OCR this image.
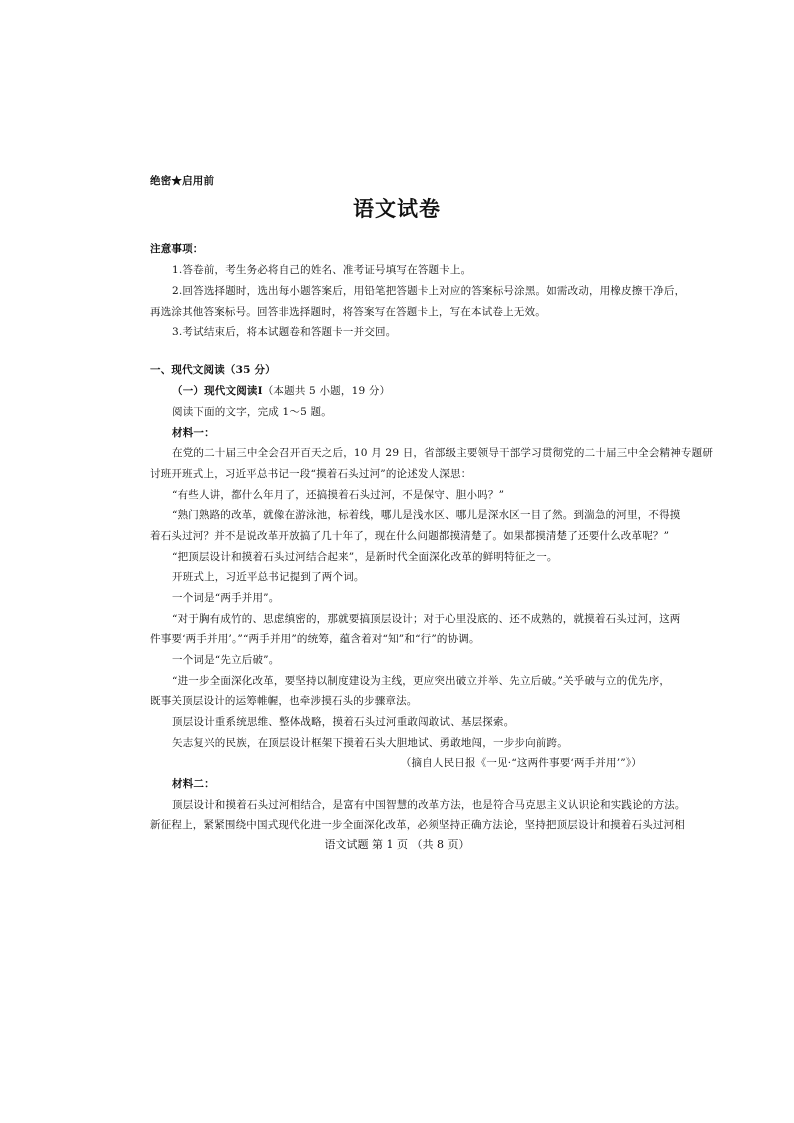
绝密★启用前
语文试卷
注意事项：
1.答卷前，考生务必将自己的姓名、准考证号填写在答题卡上。
2.回答选择题时，选出每小题答案后，用铅笔把答题卡上对应的答案标号涂黑。如需改动，用橡皮擦干净后，
再选涂其他答案标号。回答非选择题时，将答案写在答题卡上，写在本试卷上无效。
3.考试结束后，将本试题卷和答题卡一并交回。
一、现代文阅读（35 分）
（一）现代文阅读Ⅰ（本题共 5 小题，19 分）
阅读下面的文字，完成 1～5 题。
材料一：
在党的二十届三中全会召开百天之后，10 月 29 日，省部级主要领导干部学习贯彻党的二十届三中全会精神专题研
讨班开班式上，习近平总书记一段“摸着石头过河”的论述发人深思：
“有些人讲，都什么年月了，还搞摸着石头过河，不是保守、胆小吗？”
“熟门熟路的改革，就像在游泳池，标着线，哪儿是浅水区、哪儿是深水区一目了然。到湍急的河里，不得摸
着石头过河？并不是说改革开放搞了几十年了，现在什么问题都摸清楚了。如果都摸清楚了还要什么改革呢？”
“把顶层设计和摸着石头过河结合起来”，是新时代全面深化改革的鲜明特征之一。
开班式上，习近平总书记提到了两个词。
一个词是“两手并用”。
“对于胸有成竹的、思虑缜密的，那就要搞顶层设计；对于心里没底的、还不成熟的，就摸着石头过河，这两
件事要‘两手并用’。”“两手并用”的统筹，蕴含着对“知”和“行”的协调。
一个词是“先立后破”。
“进一步全面深化改革，要坚持以制度建设为主线，更应突出破立并举、先立后破。”关乎破与立的优先序，
既事关顶层设计的运筹帷幄，也牵涉摸石头的步骤章法。
顶层设计重系统思维、整体战略，摸着石头过河重敢闯敢试、基层探索。
矢志复兴的民族，在顶层设计框架下摸着石头大胆地试、勇敢地闯，一步步向前跨。
（摘自人民日报《一见·“这两件事要‘两手并用’”》）
材料二：
顶层设计和摸着石头过河相结合，是富有中国智慧的改革方法，也是符合马克思主义认识论和实践论的方法。
新征程上，紧紧围绕中国式现代化进一步全面深化改革，必须坚持正确方法论，坚持把顶层设计和摸着石头过河相
语文试题 第 1 页 （共 8 页）
